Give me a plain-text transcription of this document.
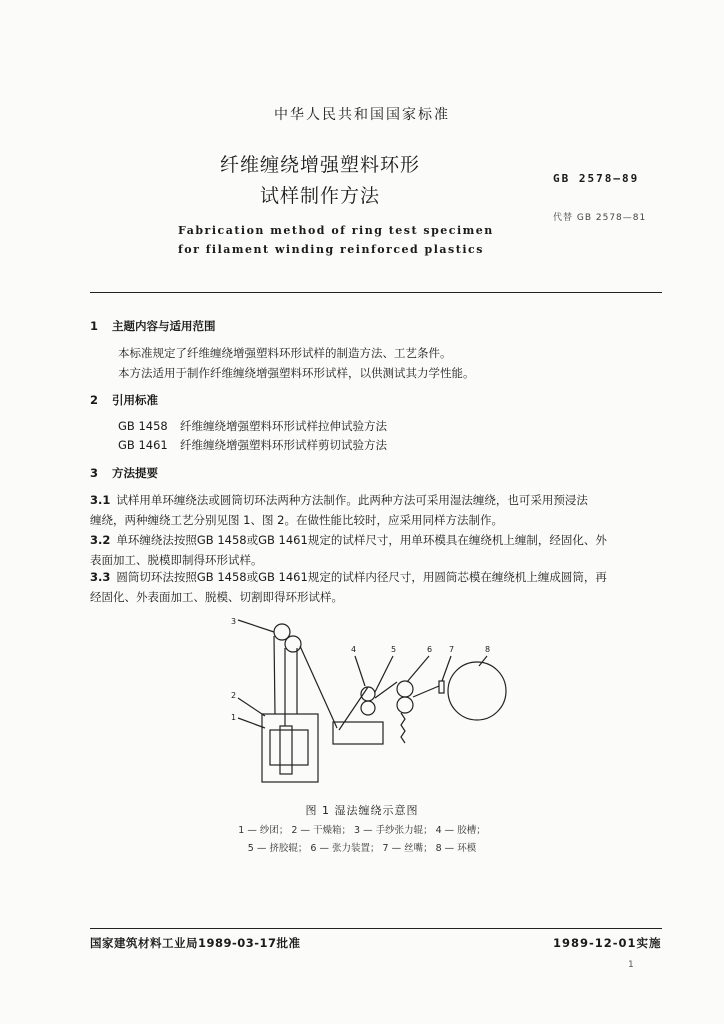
中华人民共和国国家标准
纤维缠绕增强塑料环形
试样制作方法
GB 2578—89
代替 GB 2578—81
Fabrication method of ring test specimen
for filament winding reinforced plastics
1 主题内容与适用范围
本标准规定了纤维缠绕增强塑料环形试样的制造方法、工艺条件。
本方法适用于制作纤维缠绕增强塑料环形试样，以供测试其力学性能。
2 引用标准
GB 1458 纤维缠绕增强塑料环形试样拉伸试验方法
GB 1461 纤维缠绕增强塑料环形试样剪切试验方法
3 方法提要
3.1 试样用单环缠绕法或圆筒切环法两种方法制作。此两种方法可采用湿法缠绕，也可采用预浸法
缠绕，两种缠绕工艺分别见图 1、图 2。在做性能比较时，应采用同样方法制作。
3.2 单环缠绕法按照GB 1458或GB 1461规定的试样尺寸，用单环模具在缠绕机上缠制，经固化、外
表面加工、脱模即制得环形试样。
3.3 圆筒切环法按照GB 1458或GB 1461规定的试样内径尺寸，用圆筒芯模在缠绕机上缠成圆筒，再
经固化、外表面加工、脱模、切割即得环形试样。
1
2
3
4	5	6 7	8
图 1 湿法缠绕示意图
1 — 纱团； 2 — 干燥箱； 3 — 手纱张力辊； 4 — 胶槽；
5 — 挤胶辊； 6 — 张力装置； 7 — 丝嘴； 8 — 环模
国家建筑材料工业局1989-03-17批准	1989-12-01实施
1
